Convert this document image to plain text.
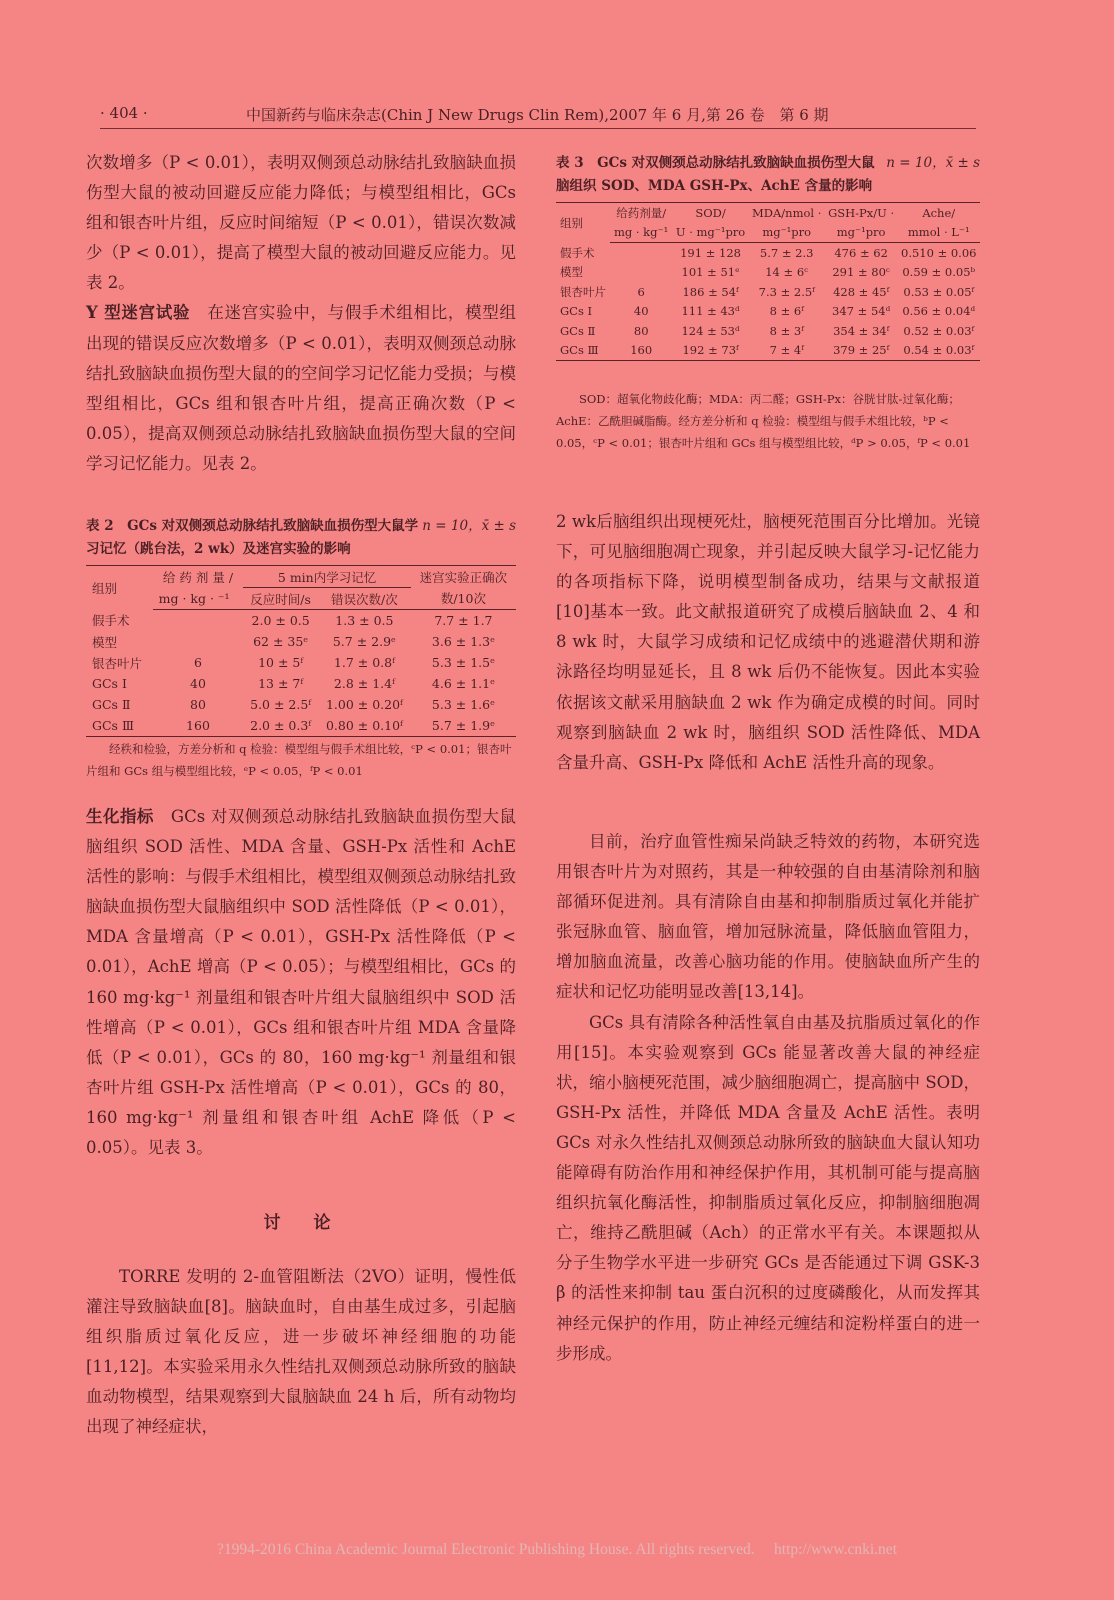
· 404 ·	中国新药与临床杂志(Chin J New Drugs Clin Rem),2007 年 6 月,第 26 卷　第 6 期

次数增多（P < 0.01），表明双侧颈总动脉结扎致脑缺血损伤型大鼠的被动回避反应能力降低；与模型组相比，GCs 组和银杏叶片组，反应时间缩短（P < 0.01），错误次数减少（P < 0.01），提高了模型大鼠的被动回避反应能力。见表 2。

Y 型迷宫试验　在迷宫实验中，与假手术组相比，模型组出现的错误反应次数增多（P < 0.01），表明双侧颈总动脉结扎致脑缺血损伤型大鼠的的空间学习记忆能力受损；与模型组相比，GCs 组和银杏叶片组，提高正确次数（P < 0.05），提高双侧颈总动脉结扎致脑缺血损伤型大鼠的空间学习记忆能力。见表 2。

n = 10，x̄ ± s
表 2　GCs 对双侧颈总动脉结扎致脑缺血损伤型大鼠学习记忆（跳台法，2 wk）及迷宫实验的影响
组别	给 药 剂 量 /	5 min内学习记忆		迷宫实验正确次
	mg · kg · ⁻¹	反应时间/s	错误次数/次	数/10次
假手术		2.0 ± 0.5	1.3 ± 0.5	7.7 ± 1.7
模型		62 ± 35ᵉ	5.7 ± 2.9ᵉ	3.6 ± 1.3ᵉ
银杏叶片	6	10 ± 5ᶠ	1.7 ± 0.8ᶠ	5.3 ± 1.5ᵉ
GCs Ⅰ	40	13 ± 7ᶠ	2.8 ± 1.4ᶠ	4.6 ± 1.1ᵉ
GCs Ⅱ	80	5.0 ± 2.5ᶠ	1.00 ± 0.20ᶠ	5.3 ± 1.6ᵉ
GCs Ⅲ	160	2.0 ± 0.3ᶠ	0.80 ± 0.10ᶠ	5.7 ± 1.9ᵉ
　　经秩和检验，方差分析和 q 检验：模型组与假手术组比较，ᶜP < 0.01；银杏叶片组和 GCs 组与模型组比较，ᵉP < 0.05，ᶠP < 0.01

生化指标　GCs 对双侧颈总动脉结扎致脑缺血损伤型大鼠脑组织 SOD 活性、MDA 含量、GSH-Px 活性和 AchE 活性的影响：与假手术组相比，模型组双侧颈总动脉结扎致脑缺血损伤型大鼠脑组织中 SOD 活性降低（P < 0.01），MDA 含量增高（P < 0.01），GSH-Px 活性降低（P < 0.01），AchE 增高（P < 0.05）；与模型组相比，GCs 的 160 mg·kg⁻¹ 剂量组和银杏叶片组大鼠脑组织中 SOD 活性增高（P < 0.01），GCs 组和银杏叶片组 MDA 含量降低（P < 0.01），GCs 的 80，160 mg·kg⁻¹ 剂量组和银杏叶片组 GSH-Px 活性增高（P < 0.01），GCs 的 80，160 mg·kg⁻¹ 剂量组和银杏叶组 AchE 降低（P < 0.05）。见表 3。

讨　论

TORRE 发明的 2-血管阻断法（2VO）证明，慢性低灌注导致脑缺血[8]。脑缺血时，自由基生成过多，引起脑组织脂质过氧化反应，进一步破坏神经细胞的功能[11,12]。本实验采用永久性结扎双侧颈总动脉所致的脑缺血动物模型，结果观察到大鼠脑缺血 24 h 后，所有动物均出现了神经症状，

n = 10，x̄ ± s
表 3　GCs 对双侧颈总动脉结扎致脑缺血损伤型大鼠脑组织 SOD、MDA GSH-Px、AchE 含量的影响
组别	给药剂量/	SOD/	MDA/nmol ·	GSH-Px/U ·	Ache/
	mg · kg⁻¹	U · mg⁻¹pro	mg⁻¹pro	mg⁻¹pro	mmol · L⁻¹
假手术		191 ± 128	5.7 ± 2.3	476 ± 62	0.510 ± 0.06
模型		101 ± 51ᵉ	14 ± 6ᶜ	291 ± 80ᶜ	0.59 ± 0.05ᵇ
银杏叶片	6	186 ± 54ᶠ	7.3 ± 2.5ᶠ	428 ± 45ᶠ	0.53 ± 0.05ᶠ
GCs Ⅰ	40	111 ± 43ᵈ	8 ± 6ᶠ	347 ± 54ᵈ	0.56 ± 0.04ᵈ
GCs Ⅱ	80	124 ± 53ᵈ	8 ± 3ᶠ	354 ± 34ᶠ	0.52 ± 0.03ᶠ
GCs Ⅲ	160	192 ± 73ᶠ	7 ± 4ᶠ	379 ± 25ᶠ	0.54 ± 0.03ᶠ
　　SOD：超氧化物歧化酶；MDA：丙二醛；GSH-Px：谷胱甘肽-过氧化酶；AchE：乙酰胆碱脂酶。经方差分析和 q 检验：模型组与假手术组比较，ᵇP < 0.05，ᶜP < 0.01；银杏叶片组和 GCs 组与模型组比较，ᵈP > 0.05，ᶠP < 0.01

2 wk后脑组织出现梗死灶，脑梗死范围百分比增加。光镜下，可见脑细胞凋亡现象，并引起反映大鼠学习-记忆能力的各项指标下降，说明模型制备成功，结果与文献报道[10]基本一致。此文献报道研究了成模后脑缺血 2、4 和 8 wk 时，大鼠学习成绩和记忆成绩中的逃避潜伏期和游泳路径均明显延长，且 8 wk 后仍不能恢复。因此本实验依据该文献采用脑缺血 2 wk 作为确定成模的时间。同时观察到脑缺血 2 wk 时，脑组织 SOD 活性降低、MDA 含量升高、GSH-Px 降低和 AchE 活性升高的现象。

目前，治疗血管性痴呆尚缺乏特效的药物，本研究选用银杏叶片为对照药，其是一种较强的自由基清除剂和脑部循环促进剂。具有清除自由基和抑制脂质过氧化并能扩张冠脉血管、脑血管，增加冠脉流量，降低脑血管阻力，增加脑血流量，改善心脑功能的作用。使脑缺血所产生的症状和记忆功能明显改善[13,14]。

GCs 具有清除各种活性氧自由基及抗脂质过氧化的作用[15]。本实验观察到 GCs 能显著改善大鼠的神经症状，缩小脑梗死范围，减少脑细胞凋亡，提高脑中 SOD，GSH-Px 活性，并降低 MDA 含量及 AchE 活性。表明 GCs 对永久性结扎双侧颈总动脉所致的脑缺血大鼠认知功能障碍有防治作用和神经保护作用，其机制可能与提高脑组织抗氧化酶活性，抑制脂质过氧化反应，抑制脑细胞凋亡，维持乙酰胆碱（Ach）的正常水平有关。本课题拟从分子生物学水平进一步研究 GCs 是否能通过下调 GSK-3 β 的活性来抑制 tau 蛋白沉积的过度磷酸化，从而发挥其神经元保护的作用，防止神经元缠结和淀粉样蛋白的进一步形成。

?1994-2016 China Academic Journal Electronic Publishing House. All rights reserved.　 http://www.cnki.net
